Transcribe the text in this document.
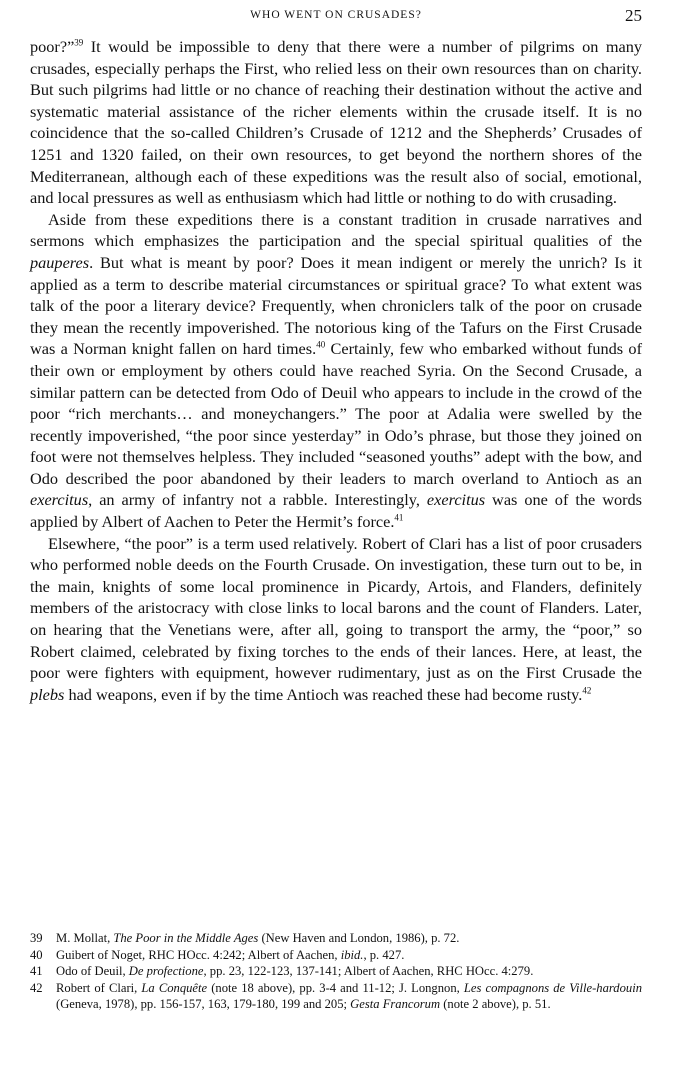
WHO WENT ON CRUSADES?	25

poor?”$^{39}$ It would be impossible to deny that there were a number of pilgrims on many crusades, especially perhaps the First, who relied less on their own resources than on charity. But such pilgrims had little or no chance of reaching their destination without the active and systematic material assistance of the richer elements within the crusade itself. It is no coincidence that the so-called Children’s Crusade of 1212 and the Shepherds’ Crusades of 1251 and 1320 failed, on their own resources, to get beyond the northern shores of the Mediterranean, although each of these expeditions was the result also of social, emotional, and local pressures as well as enthusiasm which had little or nothing to do with crusading.

Aside from these expeditions there is a constant tradition in crusade narratives and sermons which emphasizes the participation and the special spiritual qualities of the pauperes. But what is meant by poor? Does it mean indigent or merely the unrich? Is it applied as a term to describe material circumstances or spiritual grace? To what extent was talk of the poor a literary device? Frequently, when chroniclers talk of the poor on crusade they mean the recently impoverished. The notorious king of the Tafurs on the First Crusade was a Norman knight fallen on hard times.$^{40}$ Certainly, few who embarked without funds of their own or employment by others could have reached Syria. On the Second Crusade, a similar pattern can be detected from Odo of Deuil who appears to include in the crowd of the poor “rich merchants… and moneychangers.” The poor at Adalia were swelled by the recently impoverished, “the poor since yesterday” in Odo’s phrase, but those they joined on foot were not themselves helpless. They included “seasoned youths” adept with the bow, and Odo described the poor abandoned by their leaders to march overland to Antioch as an exercitus, an army of infantry not a rabble. Interestingly, exercitus was one of the words applied by Albert of Aachen to Peter the Hermit’s force.$^{41}$

Elsewhere, “the poor” is a term used relatively. Robert of Clari has a list of poor crusaders who performed noble deeds on the Fourth Crusade. On investigation, these turn out to be, in the main, knights of some local prominence in Picardy, Artois, and Flanders, definitely members of the aristocracy with close links to local barons and the count of Flanders. Later, on hearing that the Venetians were, after all, going to transport the army, the “poor,” so Robert claimed, celebrated by fixing torches to the ends of their lances. Here, at least, the poor were fighters with equipment, however rudimentary, just as on the First Crusade the plebs had weapons, even if by the time Antioch was reached these had become rusty.$^{42}$

39	M. Mollat, The Poor in the Middle Ages (New Haven and London, 1986), p. 72.
40	Guibert of Noget, RHC HOcc. 4:242; Albert of Aachen, ibid., p. 427.
41	Odo of Deuil, De profectione, pp. 23, 122-123, 137-141; Albert of Aachen, RHC HOcc. 4:279.
42	Robert of Clari, La Conquête (note 18 above), pp. 3-4 and 11-12; J. Longnon, Les compagnons de Ville-hardouin (Geneva, 1978), pp. 156-157, 163, 179-180, 199 and 205; Gesta Francorum (note 2 above), p. 51.
